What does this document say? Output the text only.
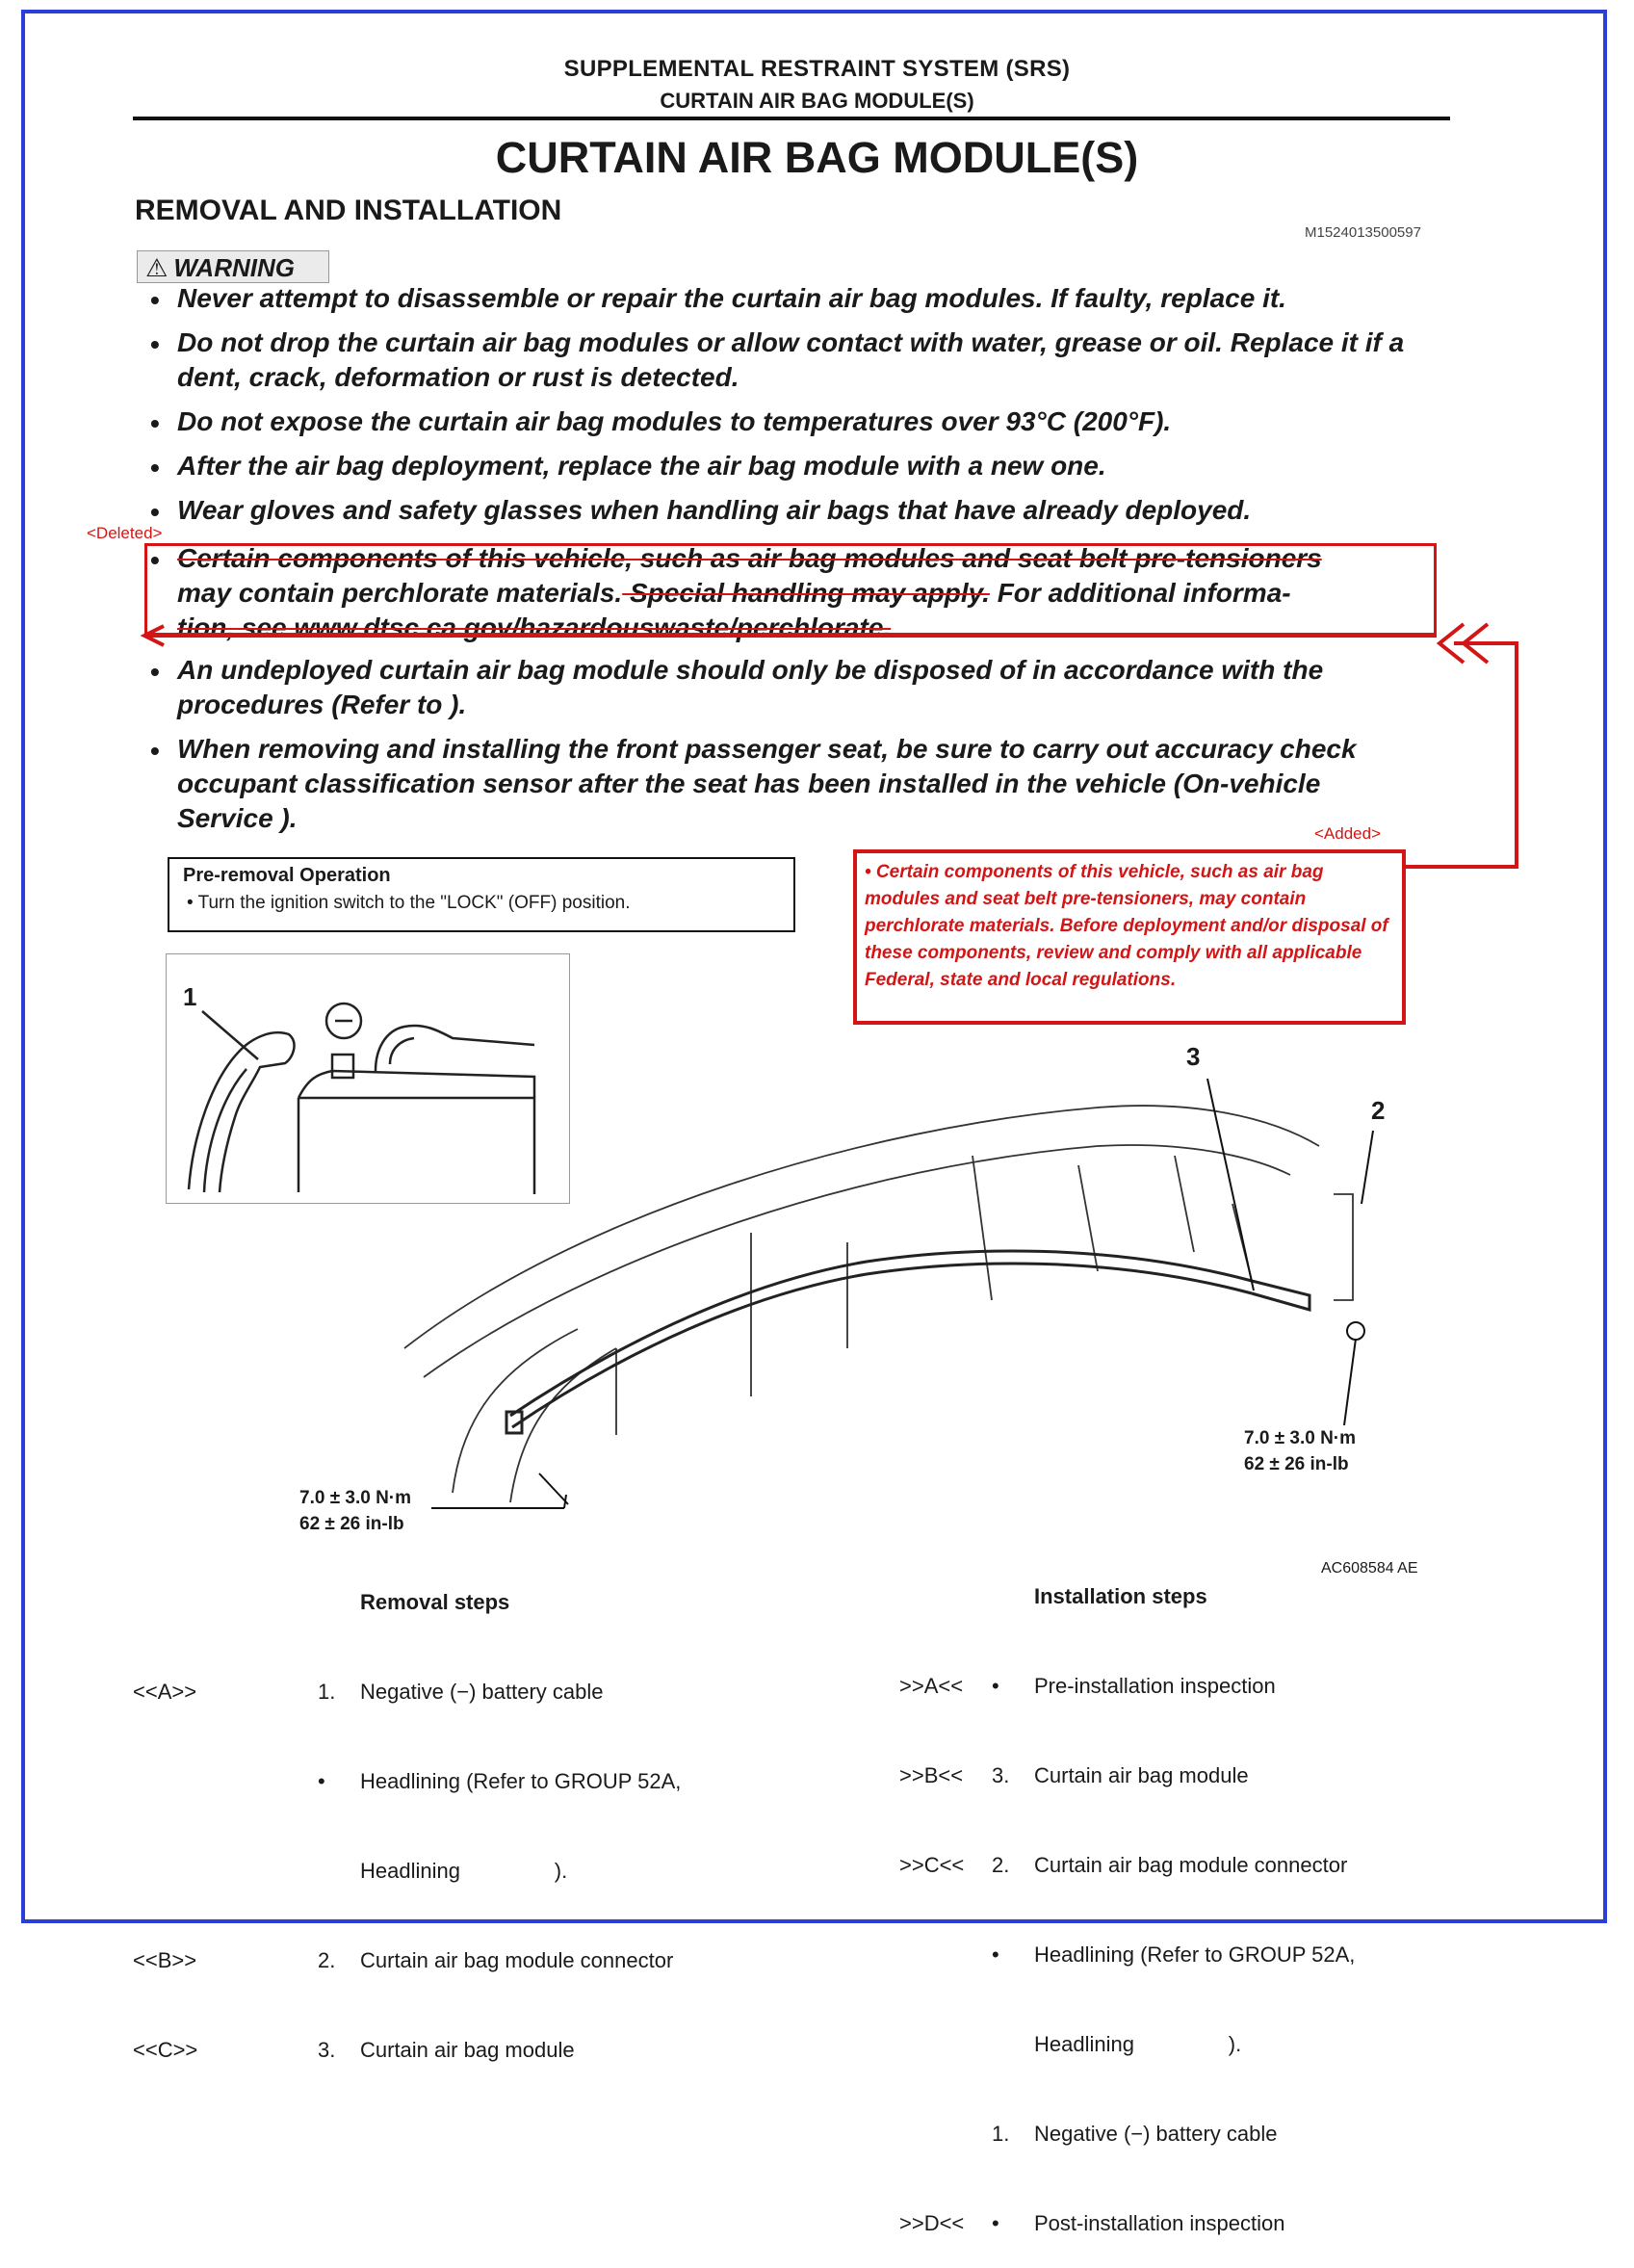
SUPPLEMENTAL RESTRAINT SYSTEM (SRS)
CURTAIN AIR BAG MODULE(S)
CURTAIN AIR BAG MODULE(S)
REMOVAL AND INSTALLATION
M1524013500597
⚠ WARNING
• Never attempt to disassemble or repair the curtain air bag modules. If faulty, replace it.
• Do not drop the curtain air bag modules or allow contact with water, grease or oil. Replace it if a dent, crack, deformation or rust is detected.
• Do not expose the curtain air bag modules to temperatures over 93°C (200°F).
• After the air bag deployment, replace the air bag module with a new one.
• Wear gloves and safety glasses when handling air bags that have already deployed.
<Deleted>
• Certain components of this vehicle, such as air bag modules and seat belt pre-tensioners
may contain perchlorate materials. Special handling may apply. For additional informa-
tion, see www.dtsc.ca.gov/hazardouswaste/perchlorate.
• An undeployed curtain air bag module should only be disposed of in accordance with the procedures (Refer to ).
• When removing and installing the front passenger seat, be sure to carry out accuracy check occupant classification sensor after the seat has been installed in the vehicle (On-vehicle Service ).
<Added>
• Certain components of this vehicle, such as air bag modules and seat belt pre-tensioners, may contain perchlorate materials. Before deployment and/or disposal of these components, review and comply with all applicable Federal, state and local regulations.
Pre-removal Operation
• Turn the ignition switch to the "LOCK" (OFF) position.
1
3
2
7.0 ± 3.0 N·m
62 ± 26 in-lb
7.0 ± 3.0 N·m
62 ± 26 in-lb
AC608584 AE
Removal steps

<<A>>

<<B>>

<<C>>

1.

•

2.

3.

Negative (−) battery cable

Headlining (Refer to GROUP 52A,

Headlining                ).

Curtain air bag module connector

Curtain air bag module

Installation steps

>>A<<

>>B<<

>>C<<

>>D<<

•

3.

2.

•

1.

•

Pre-installation inspection

Curtain air bag module

Curtain air bag module connector

Headlining (Refer to GROUP 52A,

Headlining                ).

Negative (−) battery cable

Post-installation inspection
